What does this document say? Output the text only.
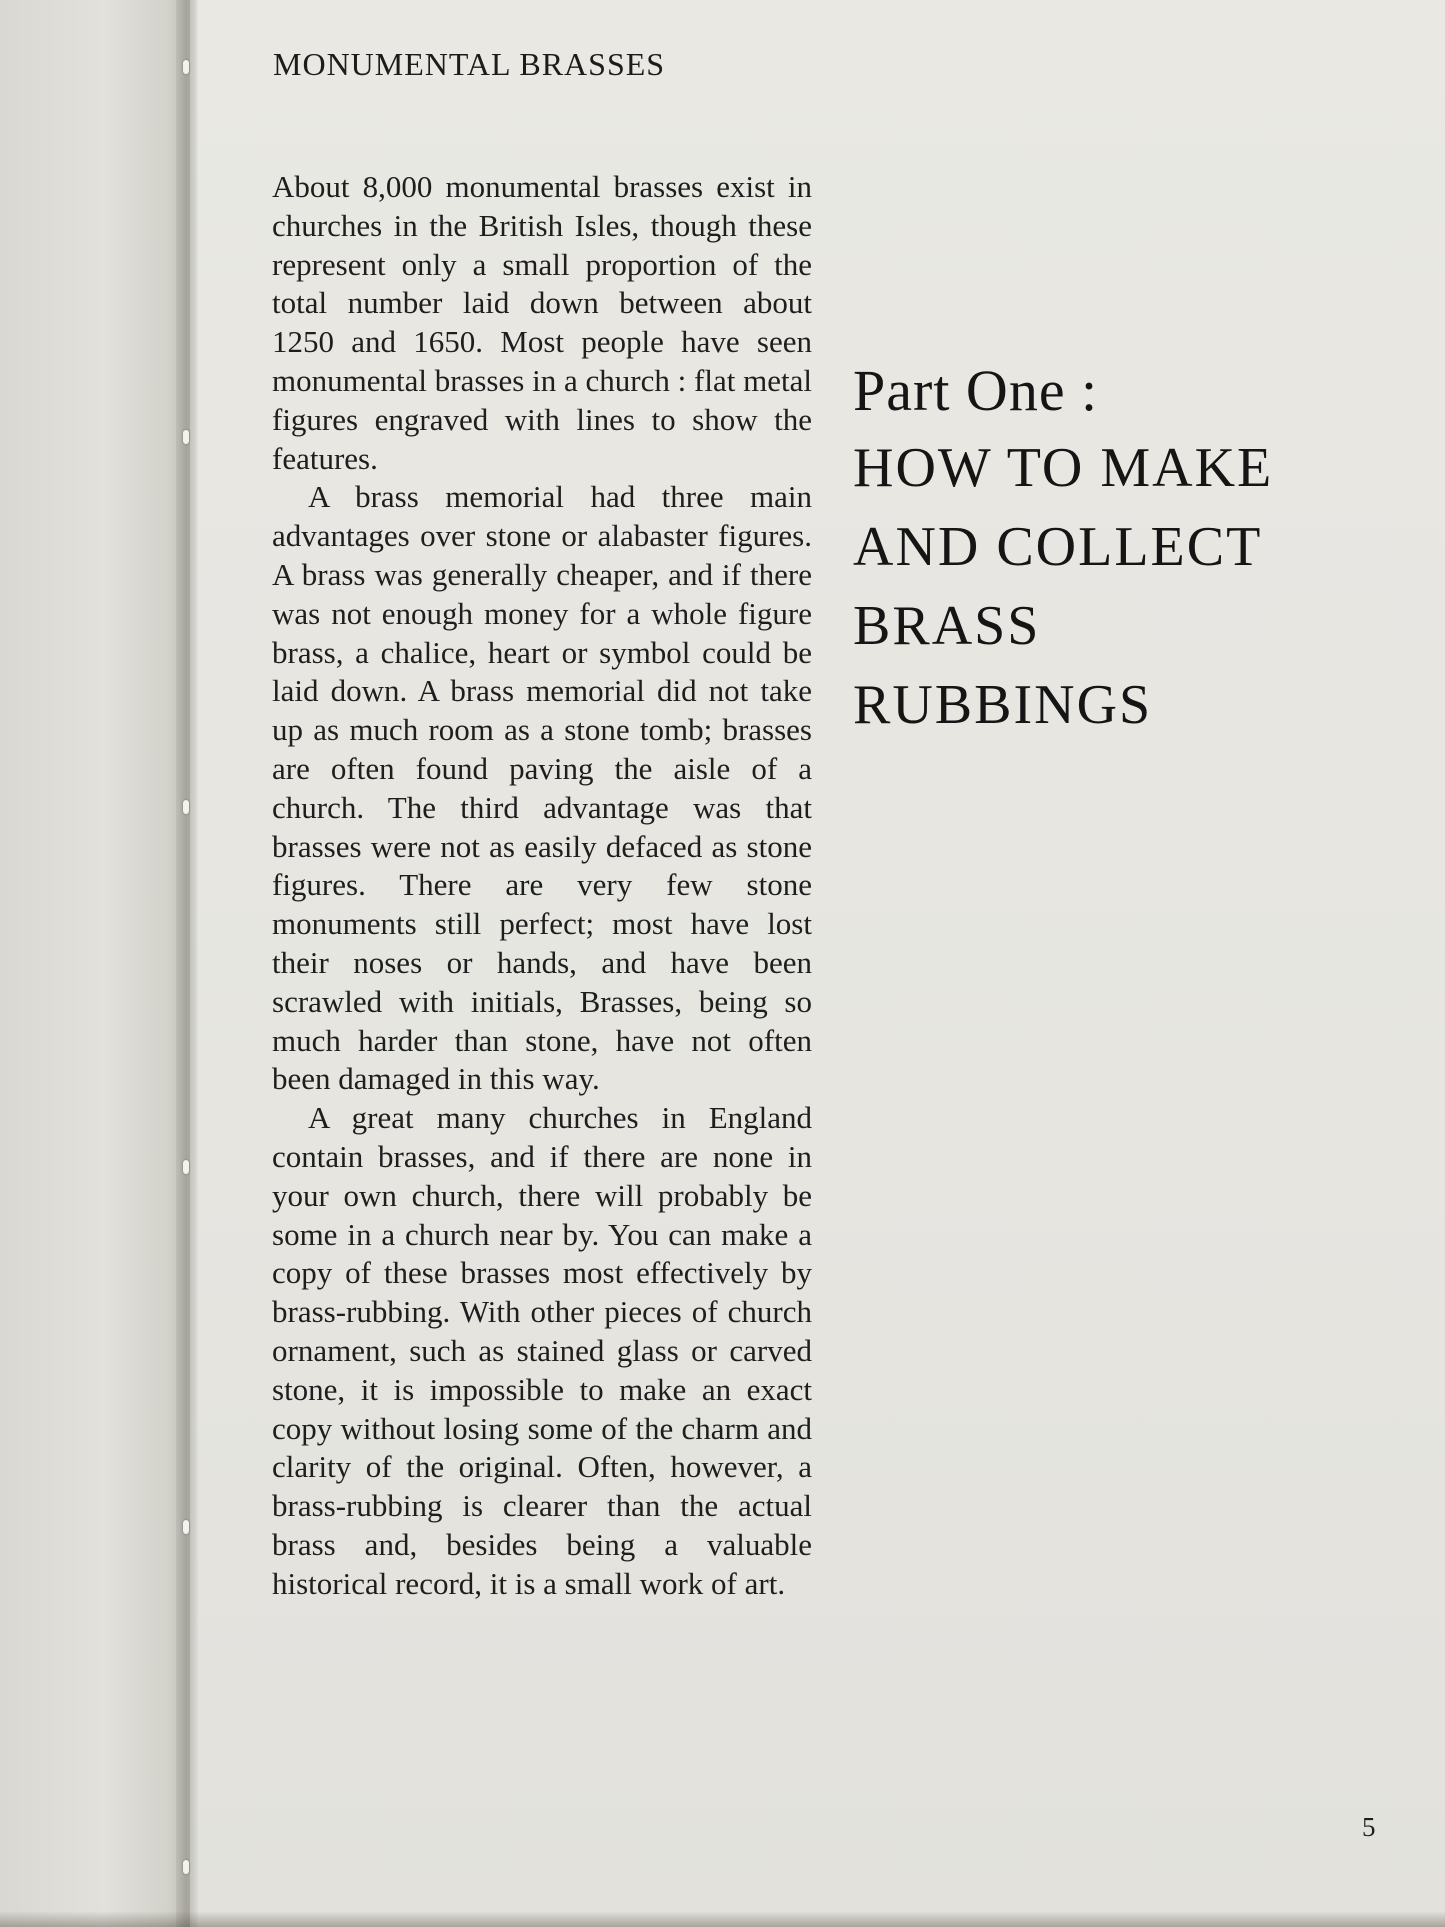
MONUMENTAL BRASSES

About 8,000 monumental brasses exist in churches in the British Isles, though these represent only a small proportion of the total number laid down between about 1250 and 1650. Most people have seen monumental brasses in a church : flat metal figures engraved with lines to show the features.

A brass memorial had three main advantages over stone or alabaster figures. A brass was generally cheaper, and if there was not enough money for a whole figure brass, a chalice, heart or symbol could be laid down. A brass memorial did not take up as much room as a stone tomb; brasses are often found paving the aisle of a church. The third advantage was that brasses were not as easily defaced as stone figures. There are very few stone monuments still perfect; most have lost their noses or hands, and have been scrawled with initials, Brasses, being so much harder than stone, have not often been damaged in this way.

A great many churches in England contain brasses, and if there are none in your own church, there will probably be some in a church near by. You can make a copy of these brasses most effectively by brass-rubbing. With other pieces of church ornament, such as stained glass or carved stone, it is impossible to make an exact copy without losing some of the charm and clarity of the original. Often, however, a brass-rubbing is clearer than the actual brass and, besides being a valuable historical record, it is a small work of art.

Part One :
HOW TO MAKE
AND COLLECT
BRASS
RUBBINGS
5
